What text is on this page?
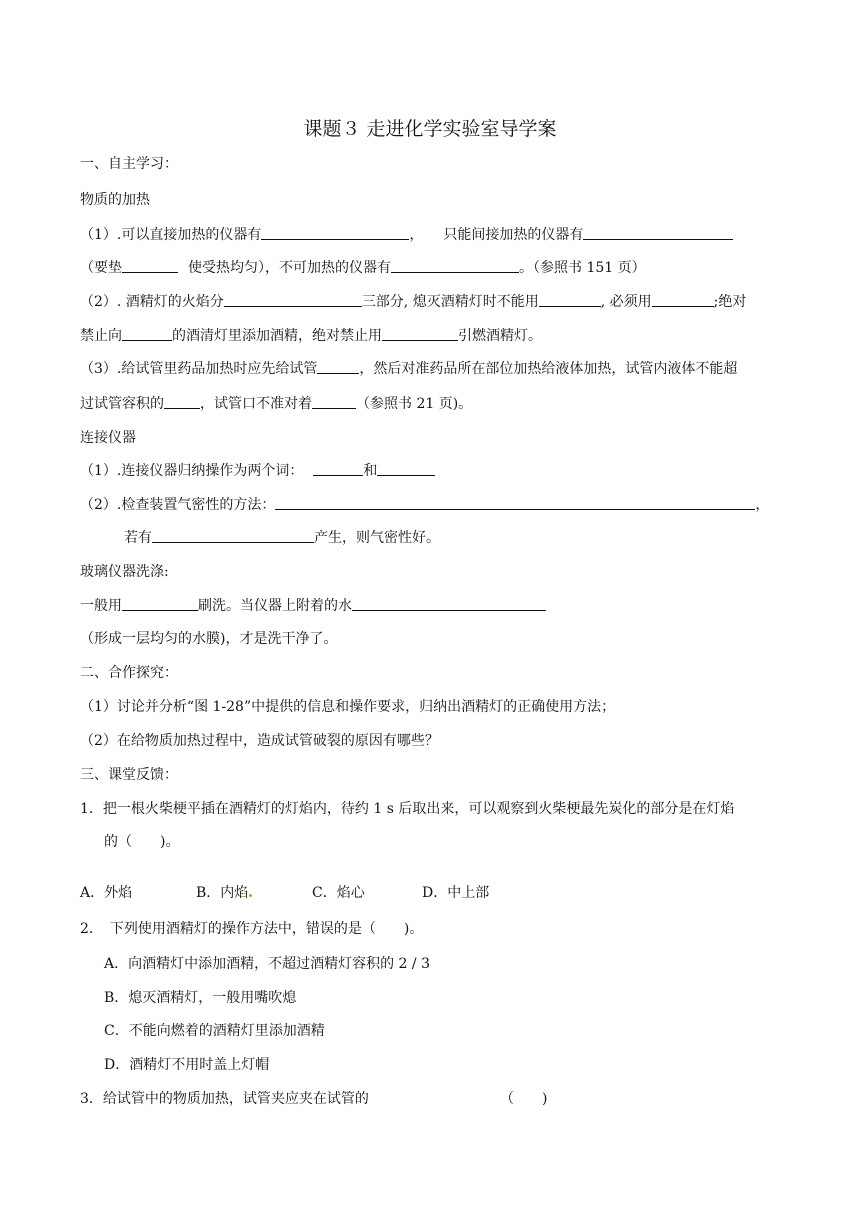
课题３ 走进化学实验室导学案
一、自主学习：
物质的加热
（1）.可以直接加热的仪器有	， 只能间接加热的仪器有
（要垫	使受热均匀），不可加热的仪器有	。（参照书 151 页）
（2）. 酒精灯的火焰分	三部分, 熄灭酒精灯时不能用	, 必须用	;绝对
禁止向	的酒清灯里添加酒精，绝对禁止用	引燃酒精灯。
（3）.给试管里药品加热时应先给试管	，然后对准药品所在部位加热给液体加热，试管内液体不能超
过试管容积的	，试管口不准对着	（参照书 21 页)。
连接仪器
（1）.连接仪器归纳操作为两个词：	和
（2）.检查装置气密性的方法：	，
若有	产生，则气密性好。
玻璃仪器洗涤:
一般用	刷洗。当仪器上附着的水
（形成一层均匀的水膜)，才是洗干净了。
二、合作探究：
（1）讨论并分析“图 1-28”中提供的信息和操作要求，归纳出酒精灯的正确使用方法；
（2）在给物质加热过程中，造成试管破裂的原因有哪些？
三、课堂反馈：
1．把一根火柴梗平插在酒精灯的灯焰内，待约 1 s 后取出来，可以观察到火柴梗最先炭化的部分是在灯焰
的（　　)。
A．外焰	B．内焰	C．焰心	D．中上部
2．　下列使用酒精灯的操作方法中，错误的是（　　)。
A．向酒精灯中添加酒精，不超过酒精灯容积的 2 / 3
B．熄灭酒精灯，一般用嘴吹熄
C．不能向燃着的酒精灯里添加酒精
D．酒精灯不用时盖上灯帽
3．给试管中的物质加热，试管夹应夹在试管的	（　　)
